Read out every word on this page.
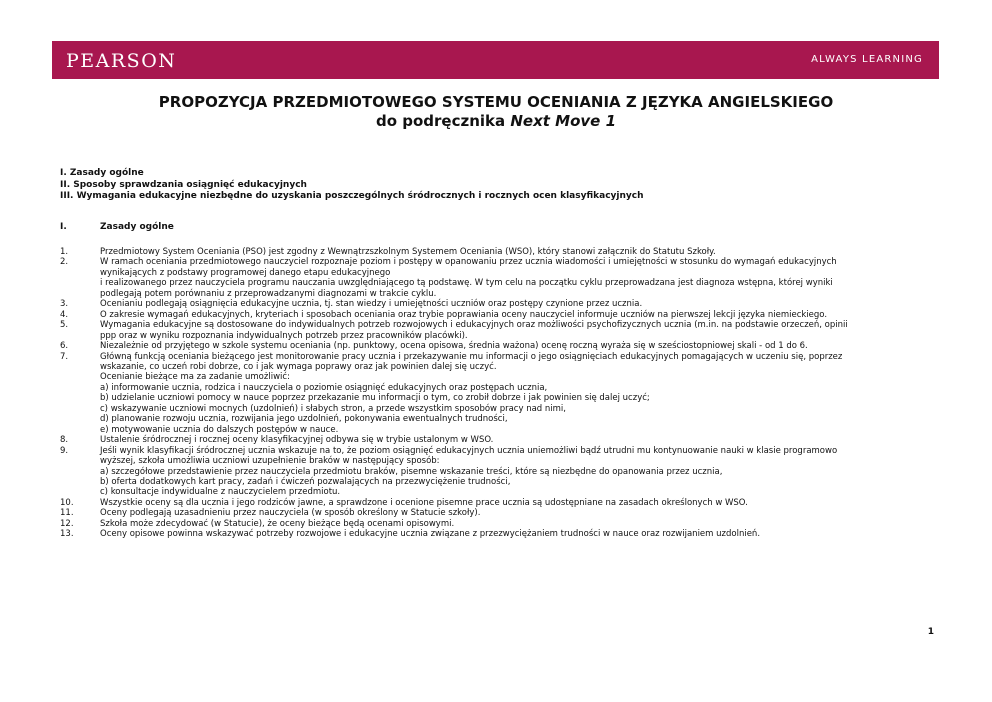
PEARSON	ALWAYS LEARNING
PROPOZYCJA PRZEDMIOTOWEGO SYSTEMU OCENIANIA Z JĘZYKA ANGIELSKIEGO
do podręcznika Next Move 1
I. Zasady ogólne
II. Sposoby sprawdzania osiągnięć edukacyjnych
III. Wymagania edukacyjne niezbędne do uzyskania poszczególnych śródrocznych i rocznych ocen klasyfikacyjnych
I.	Zasady ogólne
1.	Przedmiotowy System Oceniania (PSO) jest zgodny z Wewnątrzszkolnym Systemem Oceniania (WSO), który stanowi załącznik do Statutu Szkoły.
2.	W ramach oceniania przedmiotowego nauczyciel rozpoznaje poziom i postępy w opanowaniu przez ucznia wiadomości i umiejętności w stosunku do wymagań edukacyjnych
wynikających z podstawy programowej danego etapu edukacyjnego
i realizowanego przez nauczyciela programu nauczania uwzględniającego tą podstawę. W tym celu na początku cyklu przeprowadzana jest diagnoza wstępna, której wyniki
podlegają potem porównaniu z przeprowadzanymi diagnozami w trakcie cyklu.
3.	Ocenianiu podlegają osiągnięcia edukacyjne ucznia, tj. stan wiedzy i umiejętności uczniów oraz postępy czynione przez ucznia.
4.	O zakresie wymagań edukacyjnych, kryteriach i sposobach oceniania oraz trybie poprawiania oceny nauczyciel informuje uczniów na pierwszej lekcji języka niemieckiego.
5.	Wymagania edukacyjne są dostosowane do indywidualnych potrzeb rozwojowych i edukacyjnych oraz możliwości psychofizycznych ucznia (m.in. na podstawie orzeczeń, opinii
ppp oraz w wyniku rozpoznania indywidualnych potrzeb przez pracowników placówki).
6.	Niezależnie od przyjętego w szkole systemu oceniania (np. punktowy, ocena opisowa, średnia ważona) ocenę roczną wyraża się w sześciostopniowej skali - od 1 do 6.
7.	Główną funkcją oceniania bieżącego jest monitorowanie pracy ucznia i przekazywanie mu informacji o jego osiągnięciach edukacyjnych pomagających w uczeniu się, poprzez
wskazanie, co uczeń robi dobrze, co i jak wymaga poprawy oraz jak powinien dalej się uczyć.
Ocenianie bieżące ma za zadanie umożliwić:
a) informowanie ucznia, rodzica i nauczyciela o poziomie osiągnięć edukacyjnych oraz postępach ucznia,
b) udzielanie uczniowi pomocy w nauce poprzez przekazanie mu informacji o tym, co zrobił dobrze i jak powinien się dalej uczyć;
c) wskazywanie uczniowi mocnych (uzdolnień) i słabych stron, a przede wszystkim sposobów pracy nad nimi,
d) planowanie rozwoju ucznia, rozwijania jego uzdolnień, pokonywania ewentualnych trudności,
e) motywowanie ucznia do dalszych postępów w nauce.
8.	Ustalenie śródrocznej i rocznej oceny klasyfikacyjnej odbywa się w trybie ustalonym w WSO.
9.	Jeśli wynik klasyfikacji śródrocznej ucznia wskazuje na to, że poziom osiągnięć edukacyjnych ucznia uniemożliwi bądź utrudni mu kontynuowanie nauki w klasie programowo
wyższej, szkoła umożliwia uczniowi uzupełnienie braków w następujący sposób:
a) szczegółowe przedstawienie przez nauczyciela przedmiotu braków, pisemne wskazanie treści, które są niezbędne do opanowania przez ucznia,
b) oferta dodatkowych kart pracy, zadań i ćwiczeń pozwalających na przezwyciężenie trudności,
c) konsultacje indywidualne z nauczycielem przedmiotu.
10.	Wszystkie oceny są dla ucznia i jego rodziców jawne, a sprawdzone i ocenione pisemne prace ucznia są udostępniane na zasadach określonych w WSO.
11.	Oceny podlegają uzasadnieniu przez nauczyciela (w sposób określony w Statucie szkoły).
12.	Szkoła może zdecydować (w Statucie), że oceny bieżące będą ocenami opisowymi.
13.	Oceny opisowe powinna wskazywać potrzeby rozwojowe i edukacyjne ucznia związane z przezwyciężaniem trudności w nauce oraz rozwijaniem uzdolnień.
1
